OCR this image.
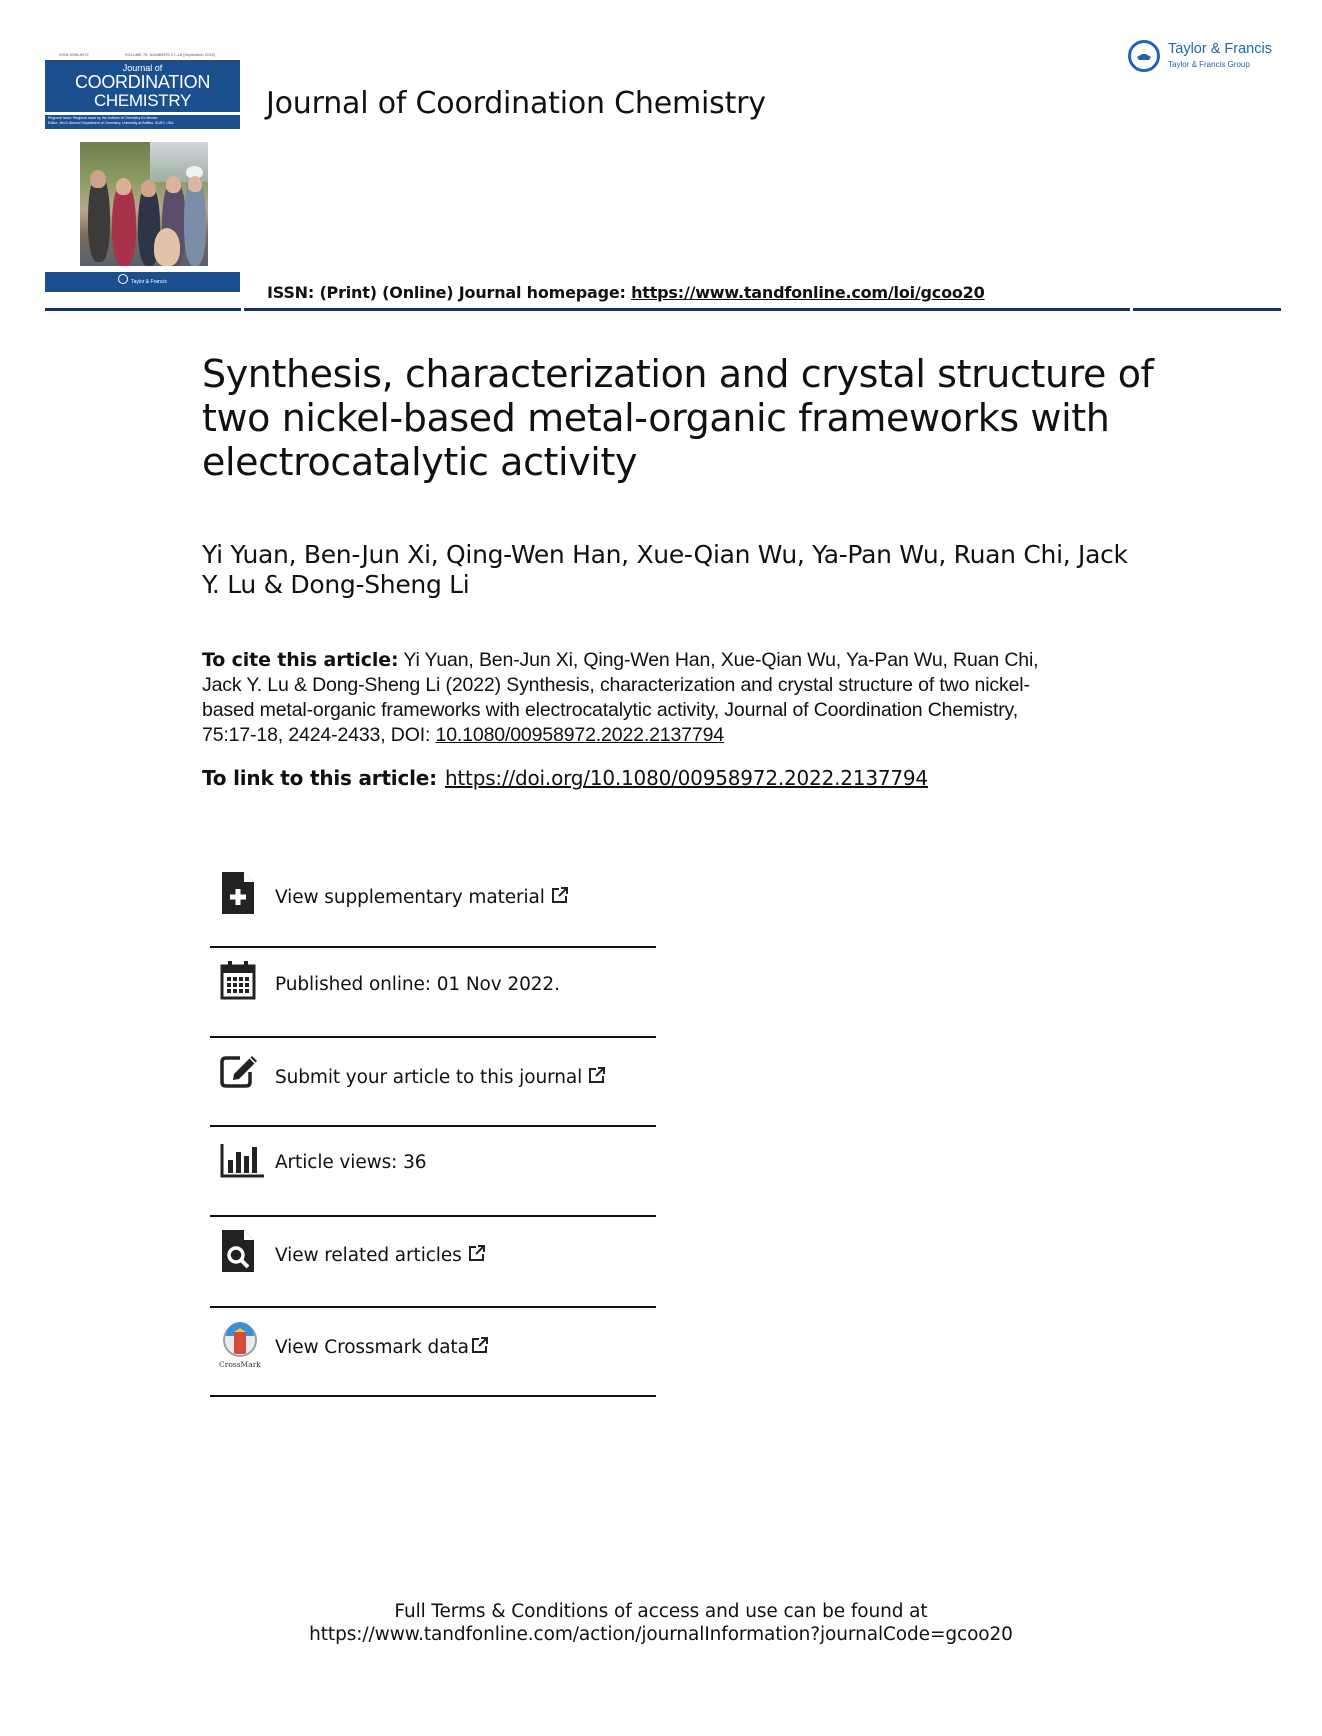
ISSN 0095-8972	VOLUME 75, NUMBERS 17–18 (September 2022)
Journal of
COORDINATION
CHEMISTRY
Regional Issue: Regional Issue by the Authors of Chemistry Ex Mexico
Editor: Jim D Atwood Department of Chemistry, University at Buffalo, SUNY, USA
Taylor & Francis
Journal of Coordination Chemistry
ISSN: (Print) (Online) Journal homepage: https://www.tandfonline.com/loi/gcoo20
Taylor & Francis
Taylor & Francis Group
Synthesis, characterization and crystal structure of
two nickel-based metal-organic frameworks with
electrocatalytic activity
Yi Yuan, Ben-Jun Xi, Qing-Wen Han, Xue-Qian Wu, Ya-Pan Wu, Ruan Chi, Jack
Y. Lu & Dong-Sheng Li
To cite this article: Yi Yuan, Ben-Jun Xi, Qing-Wen Han, Xue-Qian Wu, Ya-Pan Wu, Ruan Chi,
Jack Y. Lu & Dong-Sheng Li (2022) Synthesis, characterization and crystal structure of two nickel-
based metal-organic frameworks with electrocatalytic activity, Journal of Coordination Chemistry,
75:17-18, 2424-2433, DOI: 10.1080/00958972.2022.2137794
To link to this article: https://doi.org/10.1080/00958972.2022.2137794
View supplementary material
Published online: 01 Nov 2022.
Submit your article to this journal
Article views: 36
View related articles
CrossMark
View Crossmark data
Full Terms & Conditions of access and use can be found at
https://www.tandfonline.com/action/journalInformation?journalCode=gcoo20
